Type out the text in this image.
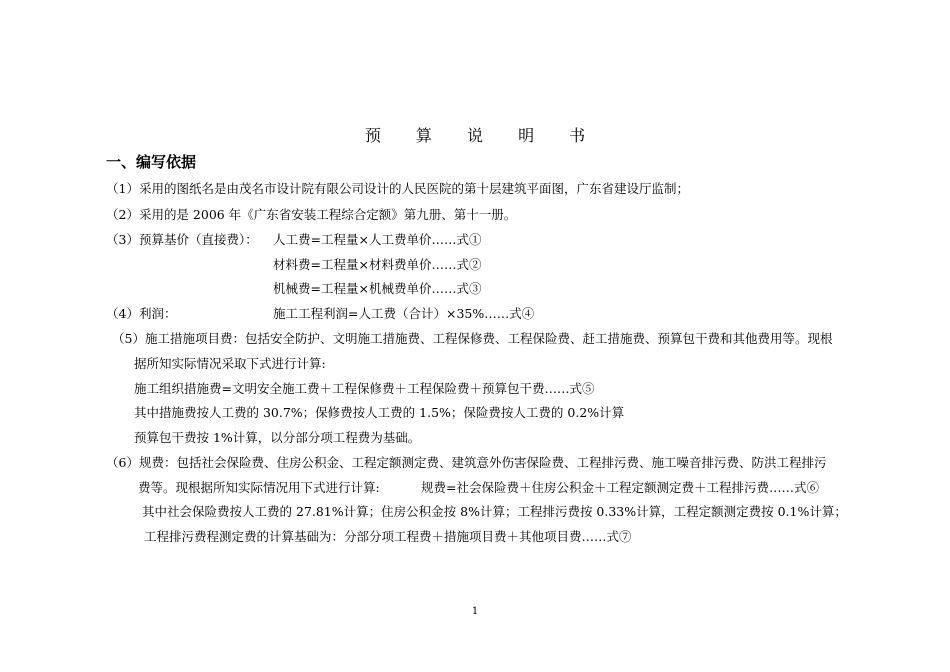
预 算 说 明 书
一、编写依据
（1）采用的图纸名是由茂名市设计院有限公司设计的人民医院的第十层建筑平面图，广东省建设厅监制；
（2）采用的是 2006 年《广东省安装工程综合定额》第九册、第十一册。
（3）预算基价（直接费）： 人工费=工程量×人工费单价……式①
材料费=工程量×材料费单价……式②
机械费=工程量×机械费单价……式③
（4）利润：	施工工程利润=人工费（合计）×35%……式④
（5）施工措施项目费：包括安全防护、文明施工措施费、工程保修费、工程保险费、赶工措施费、预算包干费和其他费用等。现根
据所知实际情况采取下式进行计算:
施工组织措施费=文明安全施工费＋工程保修费＋工程保险费＋预算包干费……式⑤
其中措施费按人工费的 30.7%；保修费按人工费的 1.5%；保险费按人工费的 0.2%计算
预算包干费按 1%计算，以分部分项工程费为基础。
（6）规费：包括社会保险费、住房公积金、工程定额测定费、建筑意外伤害保险费、工程排污费、施工噪音排污费、防洪工程排污
费等。现根据所知实际情况用下式进行计算:	规费=社会保险费＋住房公积金＋工程定额测定费＋工程排污费……式⑥
其中社会保险费按人工费的 27.81%计算；住房公积金按 8%计算；工程排污费按 0.33%计算，工程定额测定费按 0.1%计算；
工程排污费程测定费的计算基础为：分部分项工程费＋措施项目费＋其他项目费……式⑦
1
